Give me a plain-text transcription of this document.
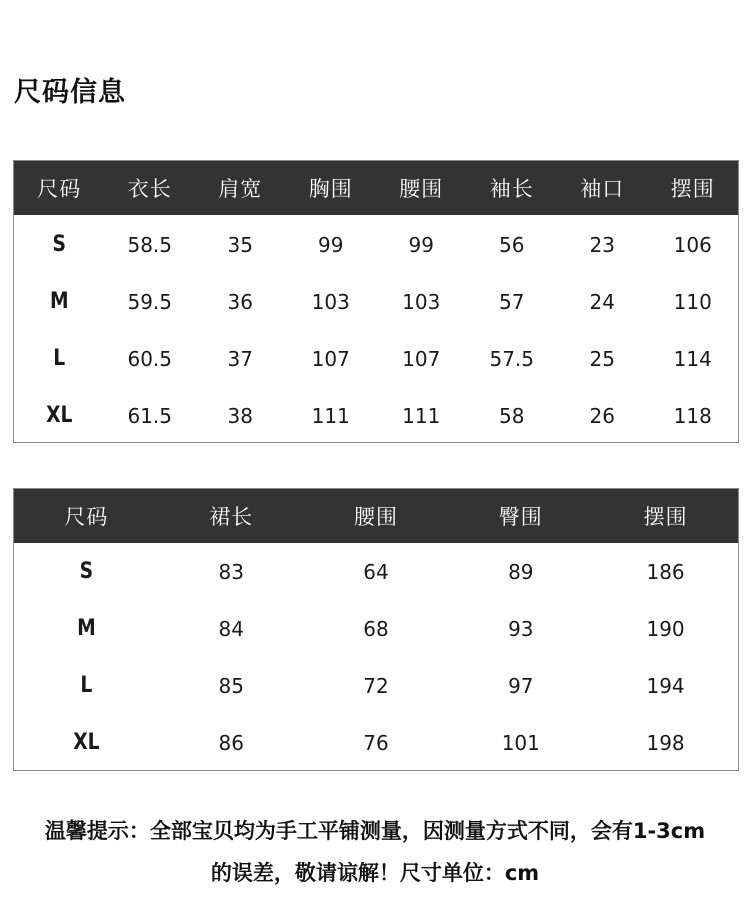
尺码信息
尺码	衣长	肩宽	胸围	腰围	袖长	袖口	摆围
S	58.5	35	99	99	56	23	106
M	59.5	36	103	103	57	24	110
L	60.5	37	107	107	57.5	25	114
XL	61.5	38	111	111	58	26	118
尺码	裙长	腰围	臀围	摆围
S	83	64	89	186
M	84	68	93	190
L	85	72	97	194
XL	86	76	101	198

温馨提示：全部宝贝均为手工平铺测量，因测量方式不同，会有1-3cm

的误差，敬请谅解！尺寸单位：cm
